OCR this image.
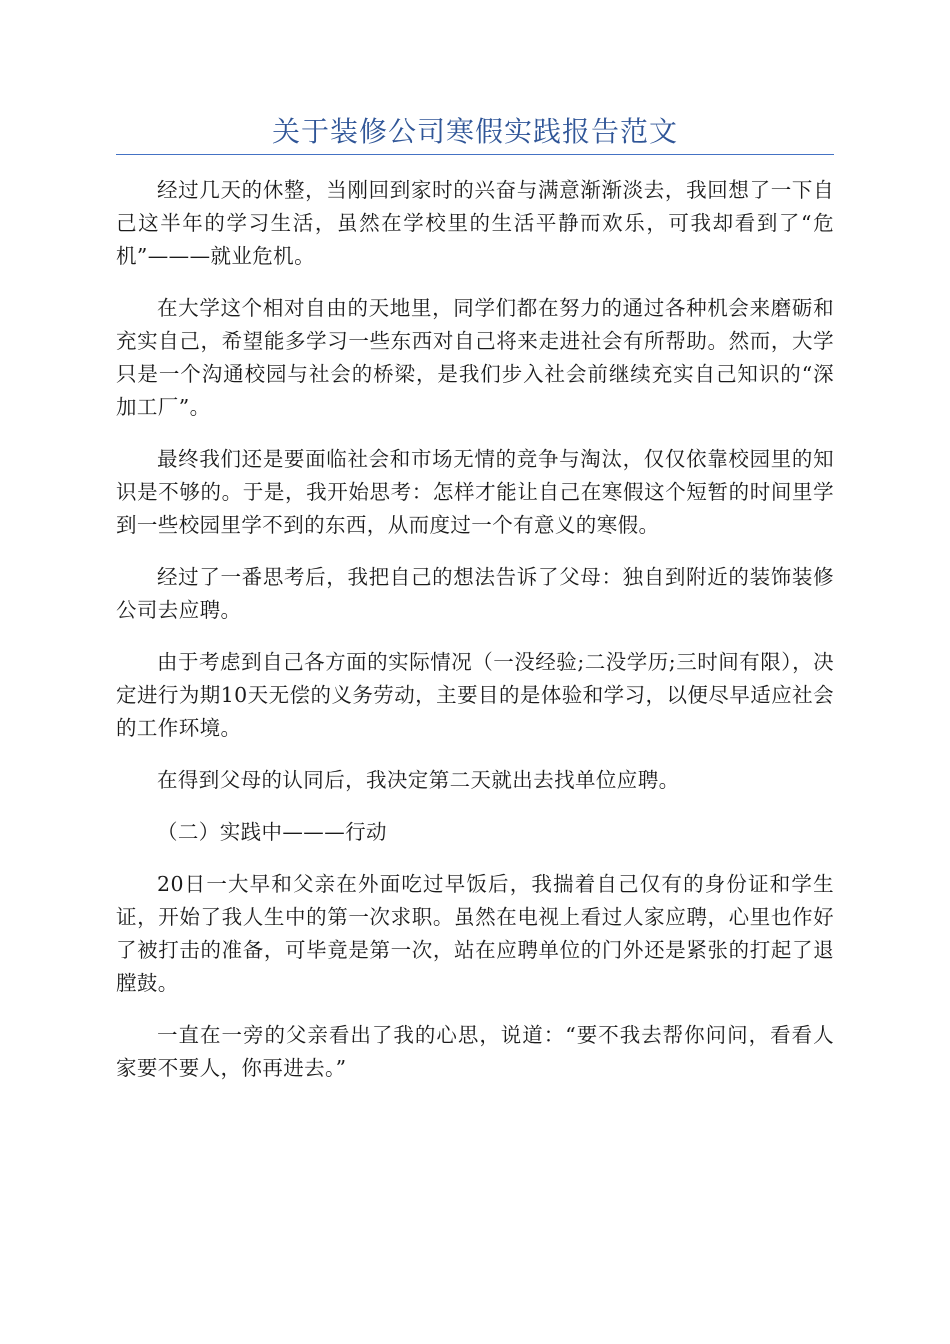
关于装修公司寒假实践报告范文

经过几天的休整，当刚回到家时的兴奋与满意渐渐淡去，我回想了一下自己这半年的学习生活，虽然在学校里的生活平静而欢乐，可我却看到了“危机”———就业危机。

在大学这个相对自由的天地里，同学们都在努力的通过各种机会来磨砺和充实自己，希望能多学习一些东西对自己将来走进社会有所帮助。然而，大学只是一个沟通校园与社会的桥梁，是我们步入社会前继续充实自己知识的“深加工厂”。

最终我们还是要面临社会和市场无情的竞争与淘汰，仅仅依靠校园里的知识是不够的。于是，我开始思考：怎样才能让自己在寒假这个短暂的时间里学到一些校园里学不到的东西，从而度过一个有意义的寒假。

经过了一番思考后，我把自己的想法告诉了父母：独自到附近的装饰装修公司去应聘。

由于考虑到自己各方面的实际情况（一没经验;二没学历;三时间有限），决定进行为期10天无偿的义务劳动，主要目的是体验和学习，以便尽早适应社会的工作环境。

在得到父母的认同后，我决定第二天就出去找单位应聘。

（二）实践中———行动

20日一大早和父亲在外面吃过早饭后，我揣着自己仅有的身份证和学生证，开始了我人生中的第一次求职。虽然在电视上看过人家应聘，心里也作好了被打击的准备，可毕竟是第一次，站在应聘单位的门外还是紧张的打起了退膛鼓。

一直在一旁的父亲看出了我的心思，说道：“要不我去帮你问问，看看人家要不要人，你再进去。”
